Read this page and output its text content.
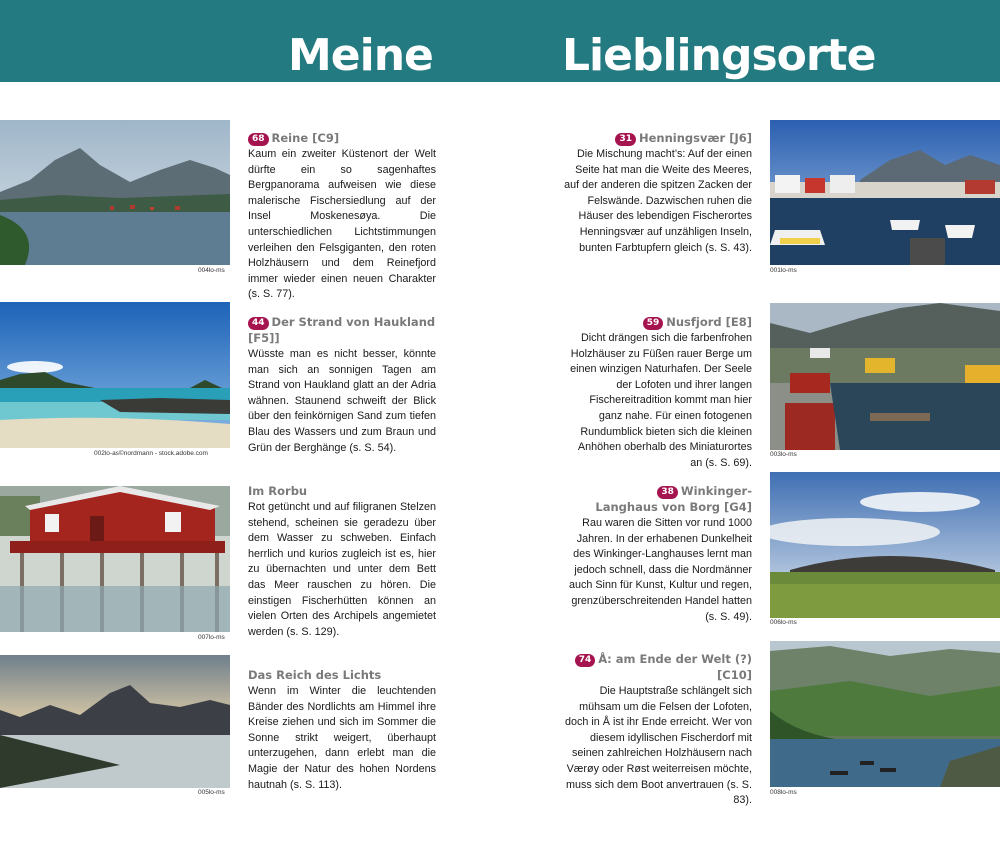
Meine	Lieblingsorte
004lo-ms
002lo-as©nordmann - stock.adobe.com
007lo-ms
005lo-ms
68 Reine [C9]

Kaum ein zweiter Küstenort der Welt dürfte ein so sagenhaftes Bergpanorama aufweisen wie diese malerische Fischersiedlung auf der Insel Moskenesøya. Die unterschiedlichen Lichtstimmungen verleihen den Felsgiganten, den roten Holzhäusern und dem Reinefjord immer wieder einen neuen Charakter (s. S. 77).

44 Der Strand von Haukland [F5]]

Wüsste man es nicht besser, könnte man sich an sonnigen Tagen am Strand von Haukland glatt an der Adria wähnen. Staunend schweift der Blick über den feinkörnigen Sand zum tiefen Blau des Wassers und zum Braun und Grün der Berghänge (s. S. 54).

Im Rorbu

Rot getüncht und auf filigranen Stelzen stehend, scheinen sie geradezu über dem Wasser zu schweben. Einfach herrlich und kurios zugleich ist es, hier zu übernachten und unter dem Bett das Meer rauschen zu hören. Die einstigen Fischerhütten können an vielen Orten des Archipels angemietet werden (s. S. 129).

Das Reich des Lichts

Wenn im Winter die leuchtenden Bänder des Nordlichts am Himmel ihre Kreise ziehen und sich im Sommer die Sonne strikt weigert, überhaupt unterzugehen, dann erlebt man die Magie der Natur des hohen Nordens hautnah (s. S. 113).

001lo-ms
003lo-ms
006lo-ms
008lo-ms
31 Henningsvær [J6]

Die Mischung macht’s: Auf der einen Seite hat man die Weite des Meeres, auf der anderen die spitzen Zacken der Felswände. Dazwischen ruhen die Häuser des lebendigen Fischerortes Henningsvær auf unzähligen Inseln, bunten Farbtupfern gleich (s. S. 43).

59 Nusfjord [E8]

Dicht drängen sich die farbenfrohen Holzhäuser zu Füßen rauer Berge um einen winzigen Naturhafen. Der Seele der Lofoten und ihrer langen Fischereitradition kommt man hier ganz nahe. Für einen fotogenen Rundumblick bieten sich die kleinen Anhöhen oberhalb des Miniaturortes an (s. S. 69).

38 Winkinger-
Langhaus von Borg [G4]

Rau waren die Sitten vor rund 1000 Jahren. In der erhabenen Dunkelheit des Winkinger-Langhauses lernt man jedoch schnell, dass die Nordmänner auch Sinn für Kunst, Kultur und regen, grenzüberschreitenden Handel hatten (s. S. 49).

74 Å: am Ende der Welt (?) [C10]

Die Hauptstraße schlängelt sich mühsam um die Felsen der Lofoten, doch in Å ist ihr Ende erreicht. Wer von diesem idyllischen Fischerdorf mit seinen zahlreichen Holzhäusern nach Værøy oder Røst weiterreisen möchte, muss sich dem Boot anvertrauen (s. S. 83).
